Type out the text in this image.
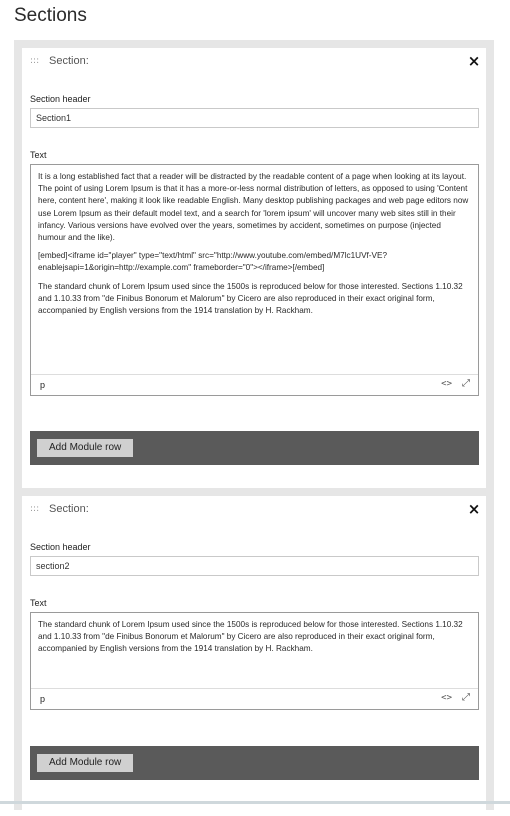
Sections
::: Section:	×
Section header
Section1
Text

It is a long established fact that a reader will be distracted by the readable content of a page when looking at its layout. The point of using Lorem Ipsum is that it has a more-or-less normal distribution of letters, as opposed to using 'Content here, content here', making it look like readable English. Many desktop publishing packages and web page editors now use Lorem Ipsum as their default model text, and a search for 'lorem ipsum' will uncover many web sites still in their infancy. Various versions have evolved over the years, sometimes by accident, sometimes on purpose (injected humour and the like).

[embed]<iframe id="player" type="text/html" src="http://www.youtube.com/embed/M7lc1UVf-VE?enablejsapi=1&origin=http://example.com" frameborder="0"></iframe>[/embed]

The standard chunk of Lorem Ipsum used since the 1500s is reproduced below for those interested. Sections 1.10.32 and 1.10.33 from "de Finibus Bonorum et Malorum" by Cicero are also reproduced in their exact original form, accompanied by English versions from the 1914 translation by H. Rackham.

p	<> ⤢
Add Module row
::: Section:	×
Section header
section2
Text

The standard chunk of Lorem Ipsum used since the 1500s is reproduced below for those interested. Sections 1.10.32 and 1.10.33 from "de Finibus Bonorum et Malorum" by Cicero are also reproduced in their exact original form, accompanied by English versions from the 1914 translation by H. Rackham.

p	<> ⤢
Add Module row
